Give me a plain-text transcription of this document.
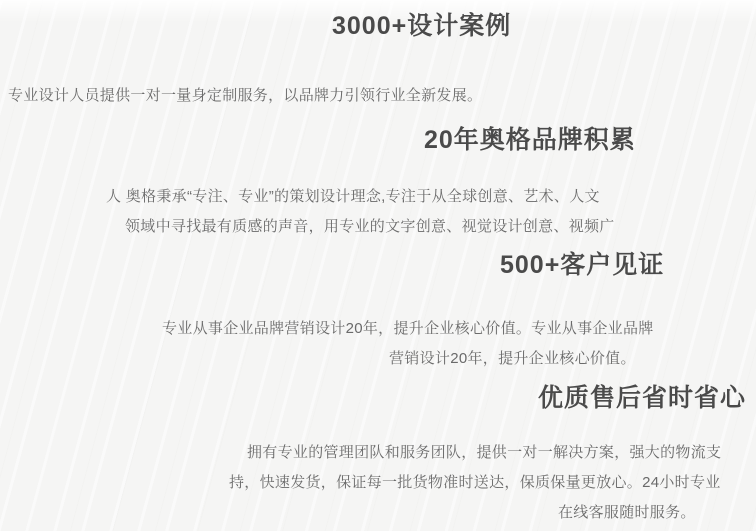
3000+设计案例

专业设计人员提供一对一量身定制服务，以品牌力引领行业全新发展。

20年奥格品牌积累

人 奥格秉承“专注、专业”的策划设计理念,专注于从全球创意、艺术、人文

领域中寻找最有质感的声音，用专业的文字创意、视觉设计创意、视频广

500+客户见证

专业从事企业品牌营销设计20年，提升企业核心价值。专业从事企业品牌

营销设计20年，提升企业核心价值。

优质售后省时省心

拥有专业的管理团队和服务团队，提供一对一解决方案，强大的物流支

持，快速发货，保证每一批货物准时送达，保质保量更放心。24小时专业

在线客服随时服务。
